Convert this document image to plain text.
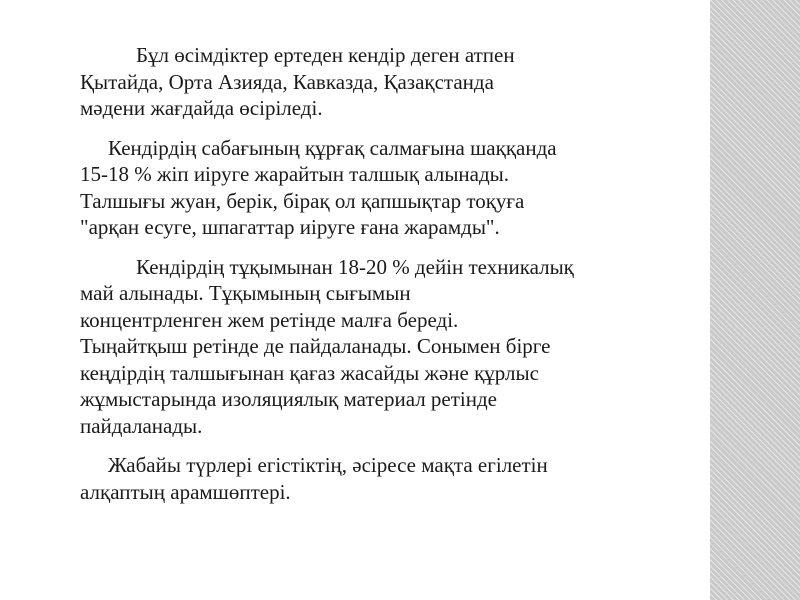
Бұл өсімдіктер ертеден кендір деген атпен
Қытайда, Орта Азияда, Кавказда, Қазақстанда
мәдени жағдайда өсіріледі.
Кендірдің сабағының құрғақ салмағына шаққанда
15-18 % жіп иіруге жарайтын талшық алынады.
Талшығы жуан, берік, бірақ ол қапшықтар тоқуға
"арқан есуге, шпагаттар иіруге ғана жарамды".
Кендірдің тұқымынан 18-20 % дейін техникалық
май алынады. Тұқымының сығымын
концентрленген жем ретінде малға береді.
Тыңайтқыш ретінде де пайдаланады. Сонымен бірге
кеңдірдің талшығынан қағаз жасайды және құрлыс
жұмыстарында изоляциялық материал ретінде
пайдаланады.
Жабайы түрлері егістіктің, әсіресе мақта егілетін
алқаптың арамшөптері.
